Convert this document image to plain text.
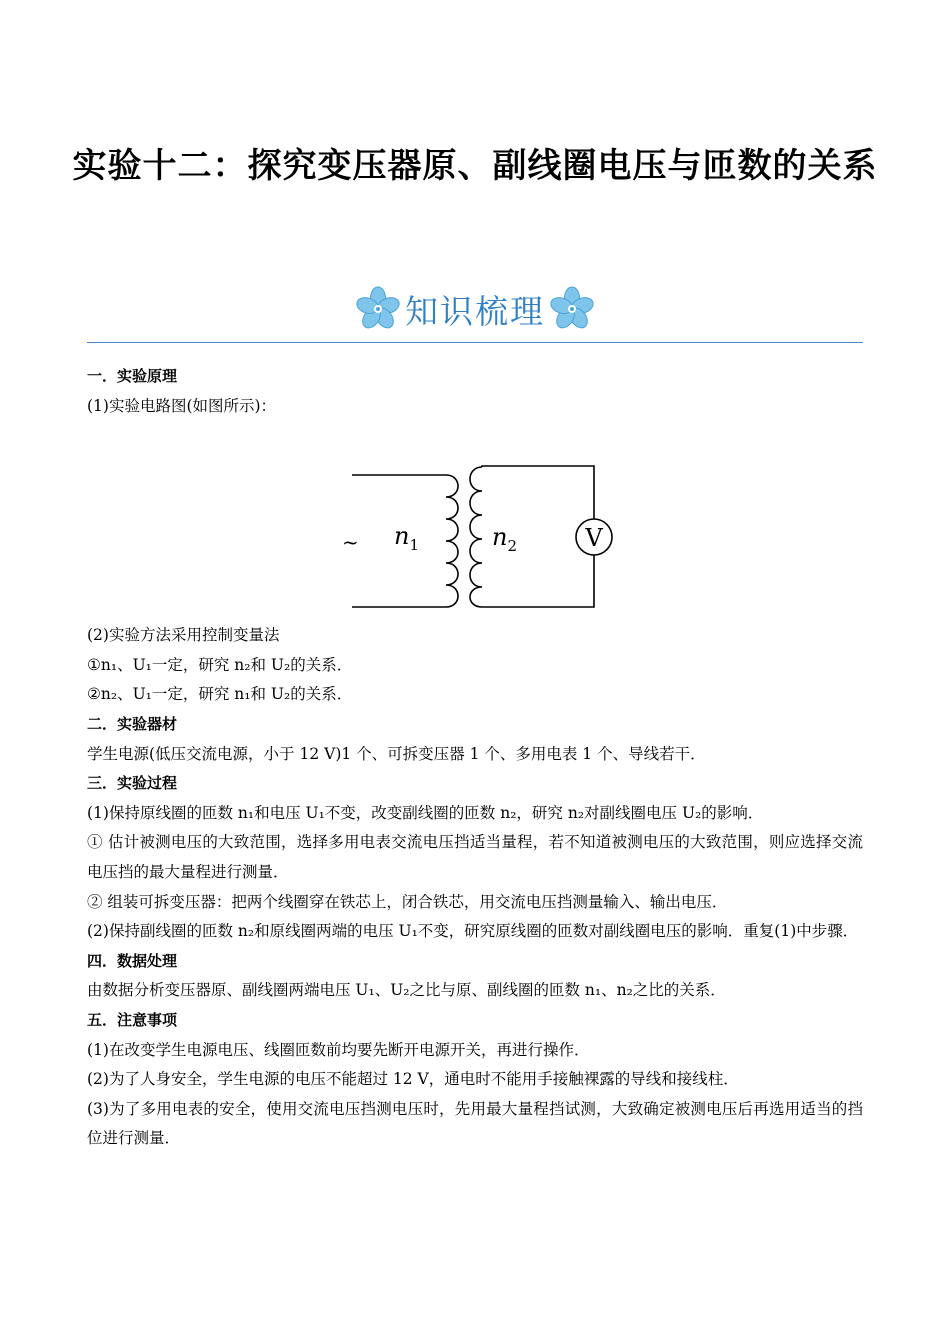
实验十二：探究变压器原、副线圈电压与匝数的关系
知识梳理
一．实验原理
(1)实验电路图(如图所示)：
~ $n_1$	$n_2$	V
(2)实验方法采用控制变量法
①n₁、U₁一定，研究 n₂和 U₂的关系．
②n₂、U₁一定，研究 n₁和 U₂的关系．
二．实验器材
学生电源(低压交流电源，小于 12 V)1 个、可拆变压器 1 个、多用电表 1 个、导线若干．
三．实验过程
(1)保持原线圈的匝数 n₁和电压 U₁不变，改变副线圈的匝数 n₂，研究 n₂对副线圈电压 U₂的影响．
① 估计被测电压的大致范围，选择多用电表交流电压挡适当量程，若不知道被测电压的大致范围，则应选择交流电压挡的最大量程进行测量．
② 组装可拆变压器：把两个线圈穿在铁芯上，闭合铁芯，用交流电压挡测量输入、输出电压．
(2)保持副线圈的匝数 n₂和原线圈两端的电压 U₁不变，研究原线圈的匝数对副线圈电压的影响．重复(1)中步骤．
四．数据处理
由数据分析变压器原、副线圈两端电压 U₁、U₂之比与原、副线圈的匝数 n₁、n₂之比的关系．
五．注意事项
(1)在改变学生电源电压、线圈匝数前均要先断开电源开关，再进行操作．
(2)为了人身安全，学生电源的电压不能超过 12 V，通电时不能用手接触裸露的导线和接线柱．
(3)为了多用电表的安全，使用交流电压挡测电压时，先用最大量程挡试测，大致确定被测电压后再选用适当的挡位进行测量．
